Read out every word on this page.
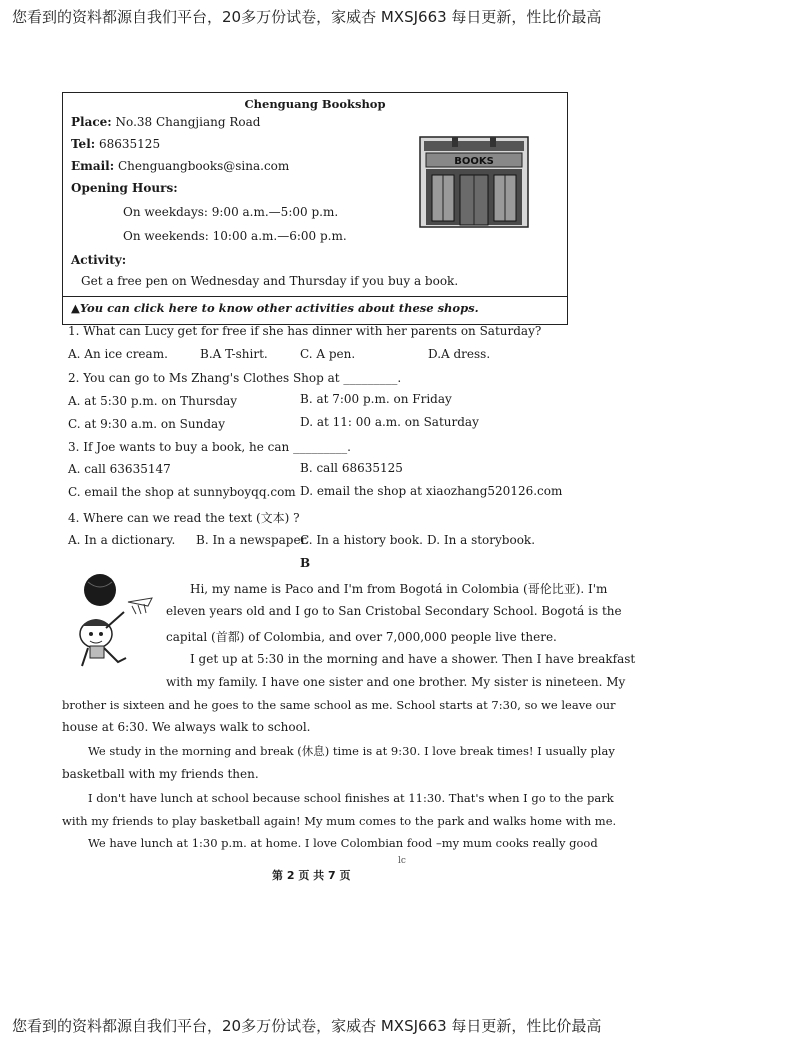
您看到的资料都源自我们平台，20多万份试卷，家威杏 MXSJ663 每日更新，性比价最高
Chenguang Bookshop
Place: No.38 Changjiang Road
Tel: 68635125
Email: Chenguangbooks@sina.com
Opening Hours:
On weekdays: 9:00 a.m.—5:00 p.m.
On weekends: 10:00 a.m.—6:00 p.m.
Activity:
Get a free pen on Wednesday and Thursday if you buy a book.
BOOKS
▲You can click here to know other activities about these shops.
1. What can Lucy get for free if she has dinner with her parents on Saturday?
A. An ice cream.	B.A T-shirt.	C. A pen.	D.A dress.
2. You can go to Ms Zhang's Clothes Shop at _________.
A. at 5:30 p.m. on Thursday	B. at 7:00 p.m. on Friday
C. at 9:30 a.m. on Sunday	D. at 11: 00 a.m. on Saturday
3. If Joe wants to buy a book, he can _________.
A. call 63635147	B. call 68635125
C. email the shop at sunnyboyqq.com D. email the shop at xiaozhang520126.com
4. Where can we read the text (文本) ?
A. In a dictionary. B. In a newspaper.
C. In a history book. D. In a storybook.
B
Hi, my name is Paco and I'm from Bogotá in Colombia (哥伦比亚). I'm
eleven years old and I go to San Cristobal Secondary School. Bogotá is the
capital (首都) of Colombia, and over 7,000,000 people live there.
I get up at 5:30 in the morning and have a shower. Then I have breakfast
with my family. I have one sister and one brother. My sister is nineteen. My
brother is sixteen and he goes to the same school as me. School starts at 7:30, so we leave our
house at 6:30. We always walk to school.
We study in the morning and break (休息) time is at 9:30. I love break times! I usually play
basketball with my friends then.
I don't have lunch at school because school finishes at 11:30. That's when I go to the park
with my friends to play basketball again! My mum comes to the park and walks home with me.
We have lunch at 1:30 p.m. at home. I love Colombian food –my mum cooks really good
lc
第 2 页 共 7 页
您看到的资料都源自我们平台，20多万份试卷，家威杏 MXSJ663 每日更新，性比价最高
